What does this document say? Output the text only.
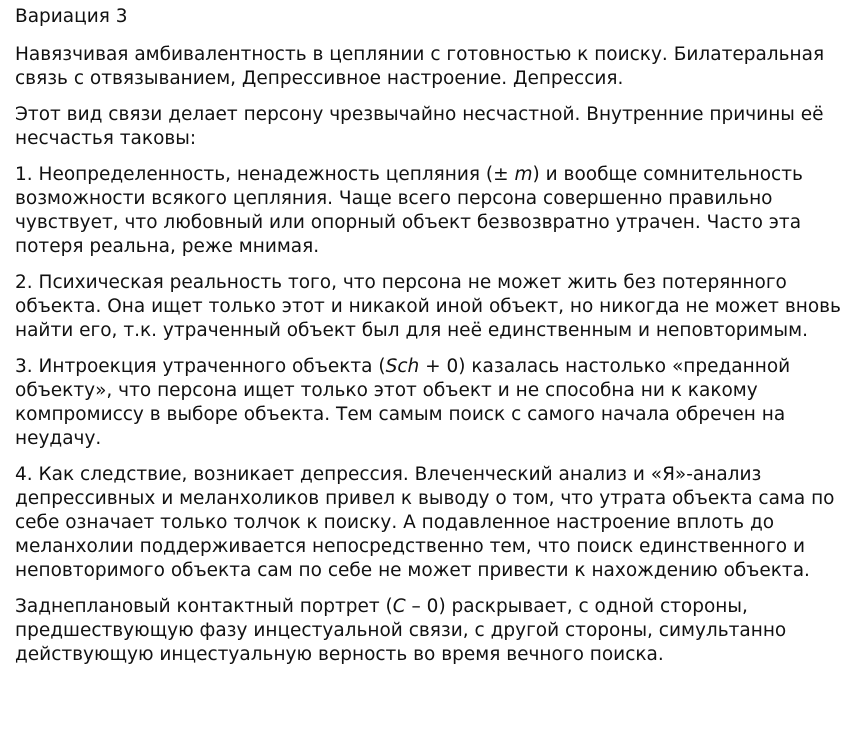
Вариация 3

Навязчивая амбивалентность в цеплянии с готовностью к поиску. Билатеральная связь с отвязыванием, Депрессивное настроение. Депрессия.

Этот вид связи делает персону чрезвычайно несчастной. Внутренние причины её несчастья таковы:

1. Неопределенность, ненадежность цепляния (± m) и вообще сомнительность возможности всякого цепляния. Чаще всего персона совершенно правильно чувствует, что любовный или опорный объект безвозвратно утрачен. Часто эта потеря реальна, реже мнимая.

2. Психическая реальность того, что персона не может жить без потерянного объекта. Она ищет только этот и никакой иной объект, но никогда не может вновь найти его, т.к. утраченный объект был для неё единственным и неповторимым.

3. Интроекция утраченного объекта (Sch + 0) казалась настолько «преданной объекту», что персона ищет только этот объект и не способна ни к какому компромиссу в выборе объекта. Тем самым поиск с самого начала обречен на неудачу.

4. Как следствие, возникает депрессия. Влеченческий анализ и «Я»-анализ депрессивных и меланхоликов привел к выводу о том, что утрата объекта сама по себе означает только толчок к поиску. А подавленное настроение вплоть до меланхолии поддерживается непосредственно тем, что поиск единственного и неповторимого объекта сам по себе не может привести к нахождению объекта.

Заднеплановый контактный портрет (C – 0) раскрывает, с одной стороны, предшествующую фазу инцестуальной связи, с другой стороны, симультанно действующую инцестуальную верность во время вечного поиска.
